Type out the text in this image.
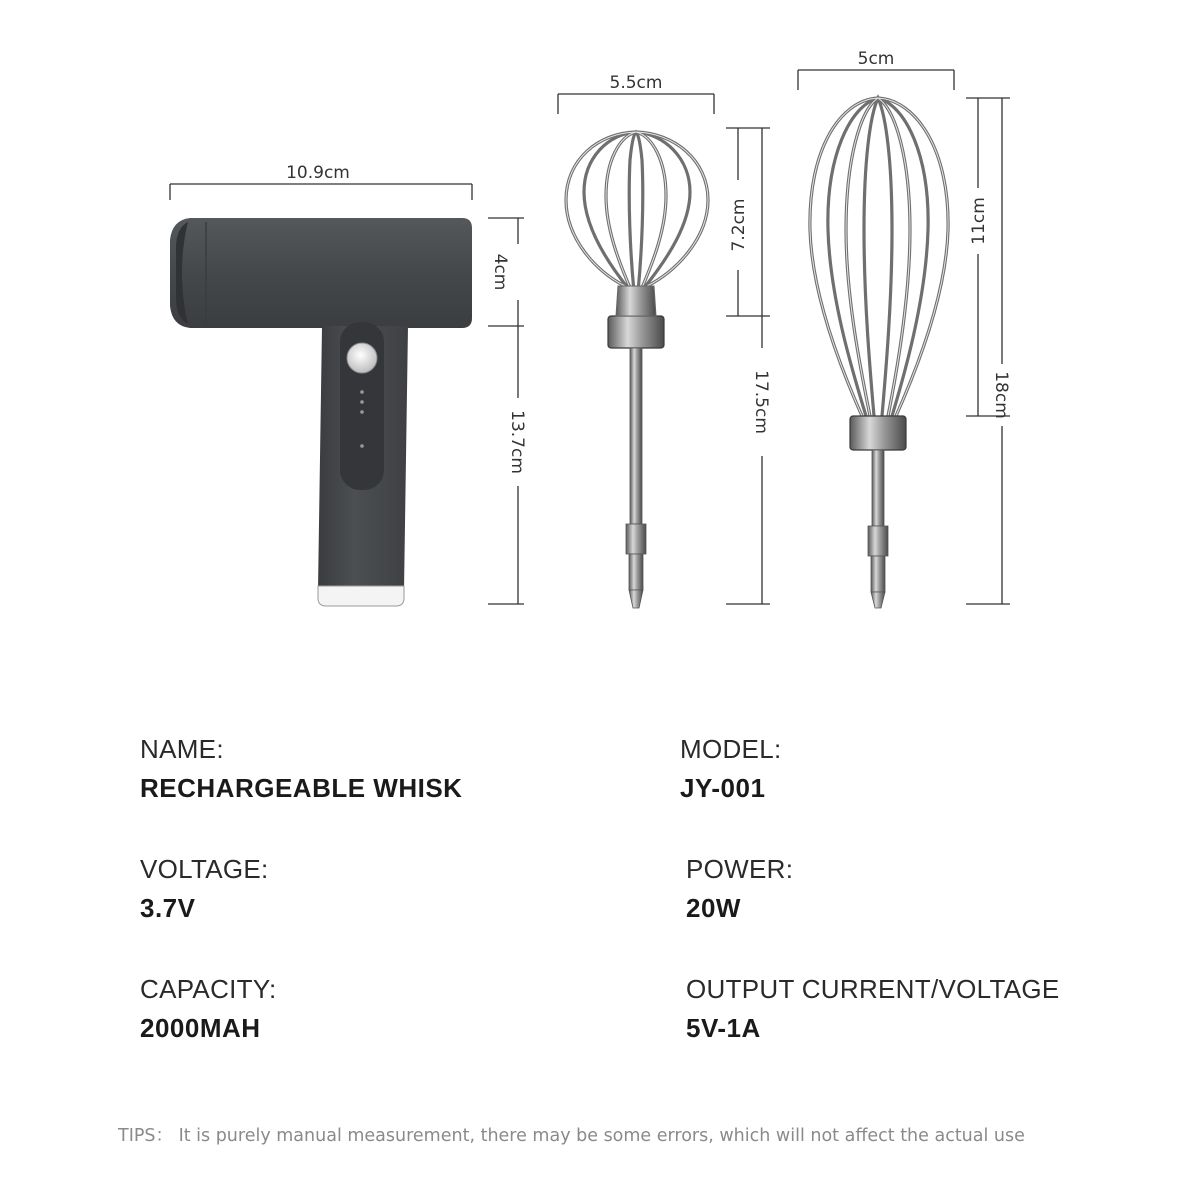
10.9cm
4cm
13.7cm
5.5cm
7.2cm
17.5cm
5cm
11cm
18cm
NAME:
RECHARGEABLE WHISK
MODEL:
JY-001
VOLTAGE:
3.7V
POWER:
20W
CAPACITY:
2000MAH
OUTPUT CURRENT/VOLTAGE
5V-1A
TIPS： It is purely manual measurement, there may be some errors, which will not affect the actual use
